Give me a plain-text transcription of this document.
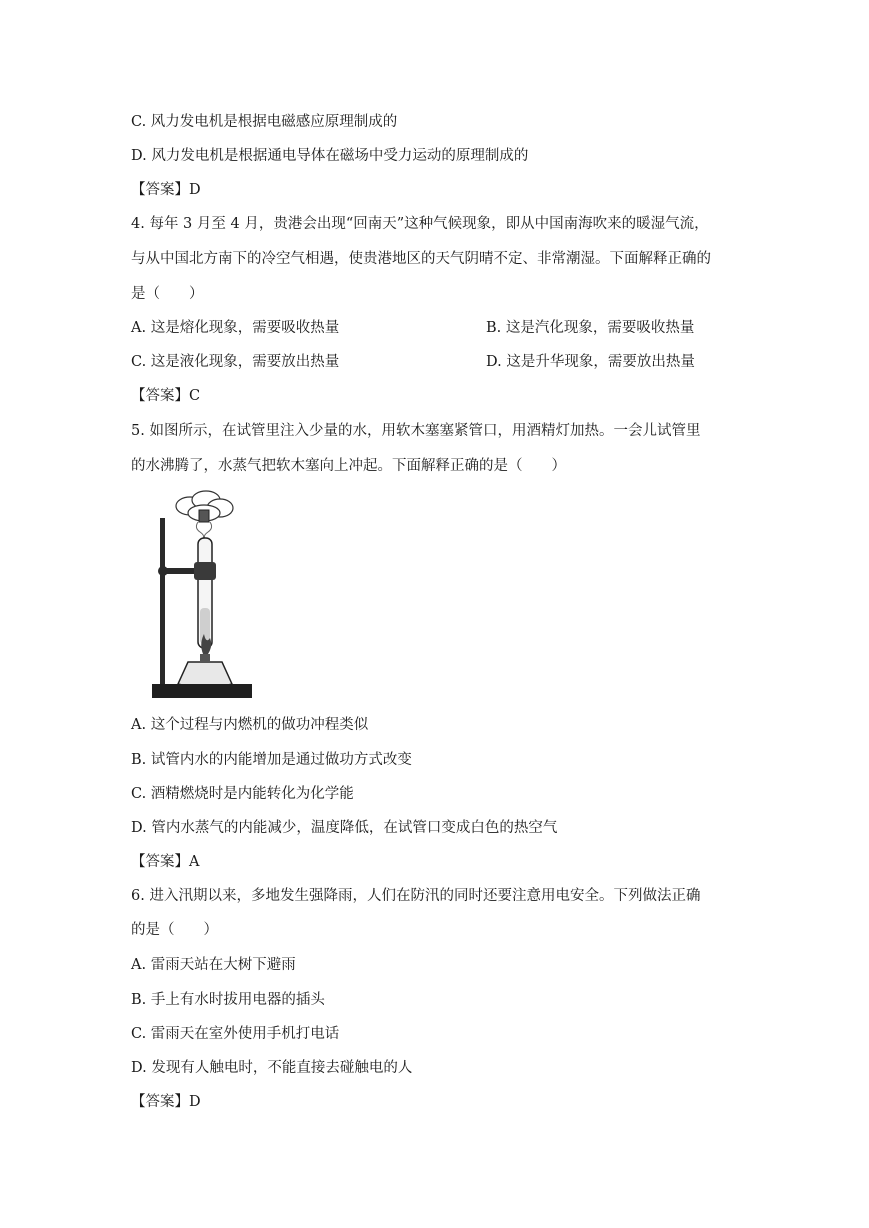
C. 风力发电机是根据电磁感应原理制成的
D. 风力发电机是根据通电导体在磁场中受力运动的原理制成的
【答案】D
4. 每年 3 月至 4 月，贵港会出现“回南天”这种气候现象，即从中国南海吹来的暖湿气流，
与从中国北方南下的冷空气相遇，使贵港地区的天气阴晴不定、非常潮湿。下面解释正确的
是（　　）
A. 这是熔化现象，需要吸收热量	B. 这是汽化现象，需要吸收热量
C. 这是液化现象，需要放出热量	D. 这是升华现象，需要放出热量
【答案】C
5. 如图所示，在试管里注入少量的水，用软木塞塞紧管口，用酒精灯加热。一会儿试管里
的水沸腾了，水蒸气把软木塞向上冲起。下面解释正确的是（　　）
A. 这个过程与内燃机的做功冲程类似
B. 试管内水的内能增加是通过做功方式改变
C. 酒精燃烧时是内能转化为化学能
D. 管内水蒸气的内能减少，温度降低，在试管口变成白色的热空气
【答案】A
6. 进入汛期以来，多地发生强降雨，人们在防汛的同时还要注意用电安全。下列做法正确
的是（　　）
A. 雷雨天站在大树下避雨
B. 手上有水时拔用电器的插头
C. 雷雨天在室外使用手机打电话
D. 发现有人触电时，不能直接去碰触电的人
【答案】D
